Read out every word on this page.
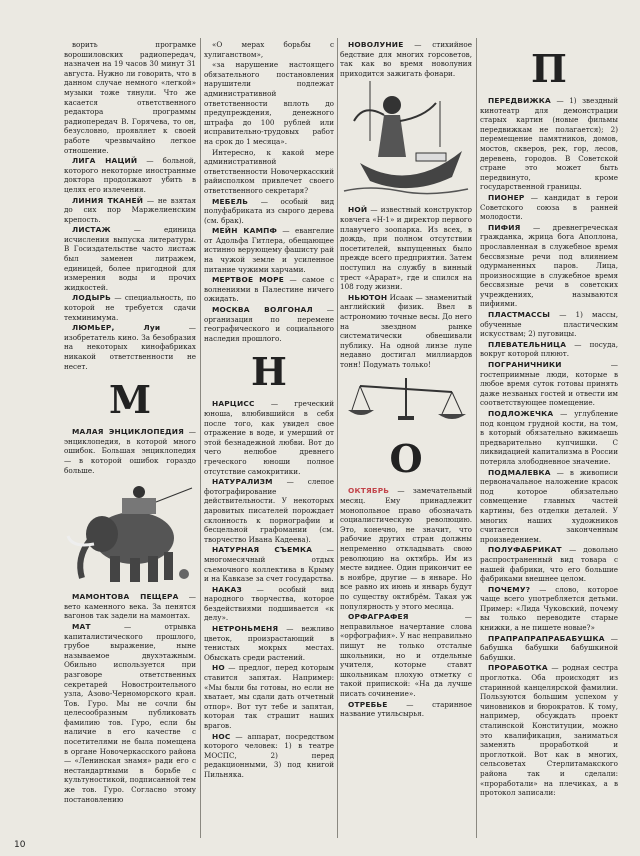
ворить програмке ворошиловских радиопередач, назначен на 19 часов 30 минут 31 августа. Нужно ли говорить, что в данном случае немного «легкой» музыки тоже тянули. Что же касается ответственного редактора программы радиопередач В. Горячева, то он, безусловно, проявляет к своей работе чрезвычайно легкое отношение.

ЛИГА НАЦИЙ — больной, которого некоторые иностранные доктора продолжают убить в целях его излечения.

ЛИНИЯ ТКАНЕЙ — не взятая до сих пор Маржелиенским крепость.

ЛИСТАЖ — единица исчисления выпуска литературы. В Госиздательстве часто листаж был заменен литражем, единицей, более пригодной для измерения воды и прочих жидкостей.

ЛОДЫРЬ — специальность, по которой не требуется сдачи техминимума.

ЛЮМЬЕР, Луи — изобретатель кино. За безобразия на некоторых кинофабриках никакой ответственности не несет.

М

МАЛАЯ ЭНЦИКЛОПЕДИЯ — энциклопедия, в которой много ошибок. Большая энциклопедия — в которой ошибок гораздо больше.

МАМОНТОВА ПЕЩЕРА — вето каменного века. За пенятся вагонов так задели на мамонтах.

МАТ — отрывка капиталистического прошлого, грубое выражение, ныне называемое двухэтажным. Обильно используется при разговоре ответственных секретарей Новостроительного узла, Азово-Черноморского края. Тов. Гуро. Мы не сочли бы целесообразным публиковать фамилию тов. Гуро, если бы наличие в его качестве с посетителями не была помещена в органе Новочеркасского района — «Ленинская знамя» ради его с нестандартными в борьбе с культуностикой, подписанной тем же тов. Гуро. Согласно этому постановлению

«О мерах борьбы с хулиганством»,

«за нарушение настоящего обязательного постановления нарушители подлежат административной ответственности вплоть до предупреждения, денежного штрафа до 100 рублей или исправительно-трудовых работ на срок до 1 месяца».

Интересно, к какой мере административной ответственности Новочеркасский райисполком привлечет своего ответственного секретаря?

МЕБЕЛЬ — особый вид полуфабриката из сырого дерева (см. брак).

МЕЙН КАМПФ — евангелие от Адольфа Гитлера, обещающее истинно верующему фашисту рай на чужой земле и усиленное питание чужими харчами.

МЕРТВОЕ МОРЕ — самое с волнениями в Палестине ничего ожидать.

МОСКВА ВОЛГОНАЛ — организация по перемене географического и социального наследия прошлого.

Н

НАРЦИСС — греческий юноша, влюбившийся в себя после того, как увидел свое отражение в воде, и умерший от этой безнадежной любви. Вот до чего нелюбое древнего греческого юноши полное отсутствие самокритики.

НАТУРАЛИЗМ — слепое фотографирование действительности. У некоторых даровитых писателей порождает склонность к порнографии и бесцельной графомании (см. творчество Ивана Кадеева).

НАТУРНАЯ СЪЕМКА — многомесячный отдых съемочного коллектива в Крыму и на Кавказе за счет государства.

НАКАЗ — особый вид народного творчества, которое бездействиями подшивается «к делу».

НЕТРОНЬМЕНЯ — вежливо цветок, произрастающий в тенистых мокрых местах. Обыскать среди растений.

НО — предлог, перед которым ставится запятая. Например: «Мы были бы готовы, но если не хватает, мы сдали дать отчетный отпор». Вот тут тебе и запятая, которая так страшит наших врагов.

НОС — аппарат, посредством которого человек: 1) в театре МОСПС, 2) перед редакционными, 3) под книгой Пильняка.

НОВОЛУНИЕ — стихийное бедствие для многих горсоветов, так как во время новолуния приходится зажигать фонари.

НОЙ — известный конструктор ковчега «Н-1» и директор первого плавучего зоопарка. Из всех, в дождь, при полном отсутствии посетителей, выпущенных было прежде всего предприятия. Затем поступил на службу в винный трест «Арарат», где и спился на 108 году жизни.

НЬЮТОН Исаак — знаменитый английский физик. Ввел в астрономию точные весы. До него на звездном рынке систематически обвешивали публику. На одной линзе лупе недавно достигал миллиардов тонн! Подумать только!

О

ОКТЯБРЬ — замечательный месяц. Ему принадлежит монопольное право обозначать социалистическую революцию. Это, конечно, не значит, что рабочие других стран должны непременно откладывать свою революцию на октябрь. Им из месте виднее. Один прикончит ее в ноябре, другие — в январе. Но все равно их июнь и январь будут по существу октябрём. Такая уж популярность у этого месяца.

ОРФАГРАФЕЯ — неправильное начертание слова «орфография». У нас неправильно пишут не только отсталые школьники, но и отдельные учителя, которые ставят школьникам плохую отметку с такой припиской: «На да лучше писать сочинение».

ОТРЕБЬЕ — старинное название утильсырья.

П

ПЕРЕДВИЖКА — 1) звездный кинотеатр для демонстрации старых картин (новые фильмы передвижкам не полагается); 2) перемещение памятников, домов, мостов, скверов, рек, гор, лесов, деревень, городов. В Советской стране это может быть передвинуто, кроме государственной границы.

ПИОНЕР — кандидат в герои Советского союза в ранней молодости.

ПИФИЯ — древнегреческая гражданка, жрица бога Аполлона, прославленная в служебное время бессвязные речи под влиянием одурманенных паров. Лица, произносящие в служебное время бессвязные речи в советских учреждениях, называются пифиями.

ПЛАСТМАССЫ — 1) массы, обученные пластическим искусствам; 2) пуговицы.

ПЛЕВАТЕЛЬНИЦА — посуда, вокруг которой плюют.

ПОГРАНИЧНИКИ — гостеприимные люди, которые в любое время суток готовы принять даже незваных гостей и отвести им соответствующее помещение.

ПОДЛОЖЕЧКА — углубление под концом грудной кости, на том, в который обязательно вжимаешь предварительно купчишки. С ликвидацией капитализма в России потеряла злободневное значение.

ПОДМАЛЕВКА — в живописи первоначальное наложение красок под которое обязательно совмещение главных частей картины, без отделки деталей. У многих наших художников считается законченным произведением.

ПОЛУФАБРИКАТ — довольно распространенный вид товара с нашей фабрики, что его большие фабриками внешнее целом.

ПОЧЕМУ? — слово, которое чаще всего употребляется детьми. Пример: «Лида Чуковский, почему вы только переводите старые книжки, а не пишете новые?»

ПРАПРАПРАПРАБАБУШКА — бабушка бабушки бабушкиной бабушки.

ПРОРАБОТКА — родная сестра проглотка. Оба происходят из старинной канцелярской фамилии. Пользуются большим успехом у чиновников и бюрократов. К тому, например, обсуждать проект сталинской Конституции, можно это квалификация, заниматься заменять проработкой и проглоткой. Вот как в многих, сельсоветах Стерлитамакского района так и сделали: «проработали» на плечиках, а в протокол записали:

10
